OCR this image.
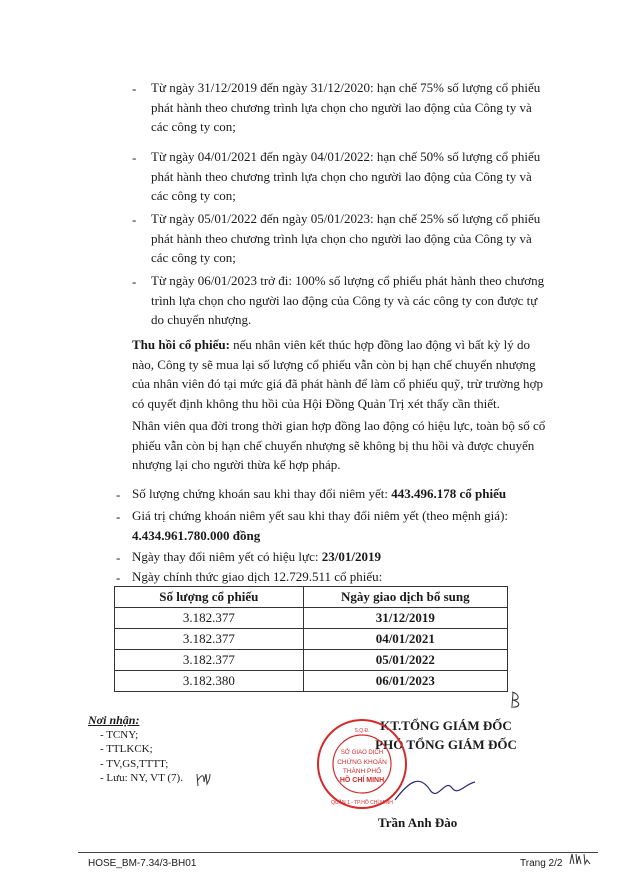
- Từ ngày 31/12/2019 đến ngày 31/12/2020: hạn chế 75% số lượng cổ phiếu
phát hành theo chương trình lựa chọn cho người lao động của Công ty và
các công ty con;
- Từ ngày 04/01/2021 đến ngày 04/01/2022: hạn chế 50% số lượng cổ phiếu
phát hành theo chương trình lựa chọn cho người lao động của Công ty và
các công ty con;
- Từ ngày 05/01/2022 đến ngày 05/01/2023: hạn chế 25% số lượng cổ phiếu
phát hành theo chương trình lựa chọn cho người lao động của Công ty và
các công ty con;
- Từ ngày 06/01/2023 trở đi: 100% số lượng cổ phiếu phát hành theo chương
trình lựa chọn cho người lao động của Công ty và các công ty con được tự
do chuyển nhượng.
Thu hồi cổ phiếu: nếu nhân viên kết thúc hợp đồng lao động vì bất kỳ lý do
nào, Công ty sẽ mua lại số lượng cổ phiếu vẫn còn bị hạn chế chuyển nhượng
của nhân viên đó tại mức giá đã phát hành để làm cổ phiếu quỹ, trừ trường hợp
có quyết định không thu hồi của Hội Đồng Quản Trị xét thấy cần thiết.
Nhân viên qua đời trong thời gian hợp đồng lao động có hiệu lực, toàn bộ số cổ
phiếu vẫn còn bị hạn chế chuyển nhượng sẽ không bị thu hồi và được chuyển
nhượng lại cho người thừa kế hợp pháp.
- Số lượng chứng khoán sau khi thay đổi niêm yết: 443.496.178 cổ phiếu
- Giá trị chứng khoán niêm yết sau khi thay đổi niêm yết (theo mệnh giá):
4.434.961.780.000 đồng
- Ngày thay đổi niêm yết có hiệu lực: 23/01/2019
- Ngày chính thức giao dịch 12.729.511 cổ phiếu:
Số lượng cổ phiếu	Ngày giao dịch bổ sung
3.182.377	31/12/2019
3.182.377	04/01/2021
3.182.377	05/01/2022
3.182.380	06/01/2023
Nơi nhận:
- TCNY;
- TTLKCK;
- TV,GS,TTTT;
- Lưu: NY, VT (7).
KT.TỔNG GIÁM ĐỐC
PHÓ TỔNG GIÁM ĐỐC
S.Q.Đ.
SỞ GIAO DỊCH
CHỨNG KHOÁN
THÀNH PHỐ
HỒ CHÍ MINH
QUẬN 1 - TP.HỒ CHÍ MINH
Trần Anh Đào
HOSE_BM-7.34/3-BH01	Trang 2/2
